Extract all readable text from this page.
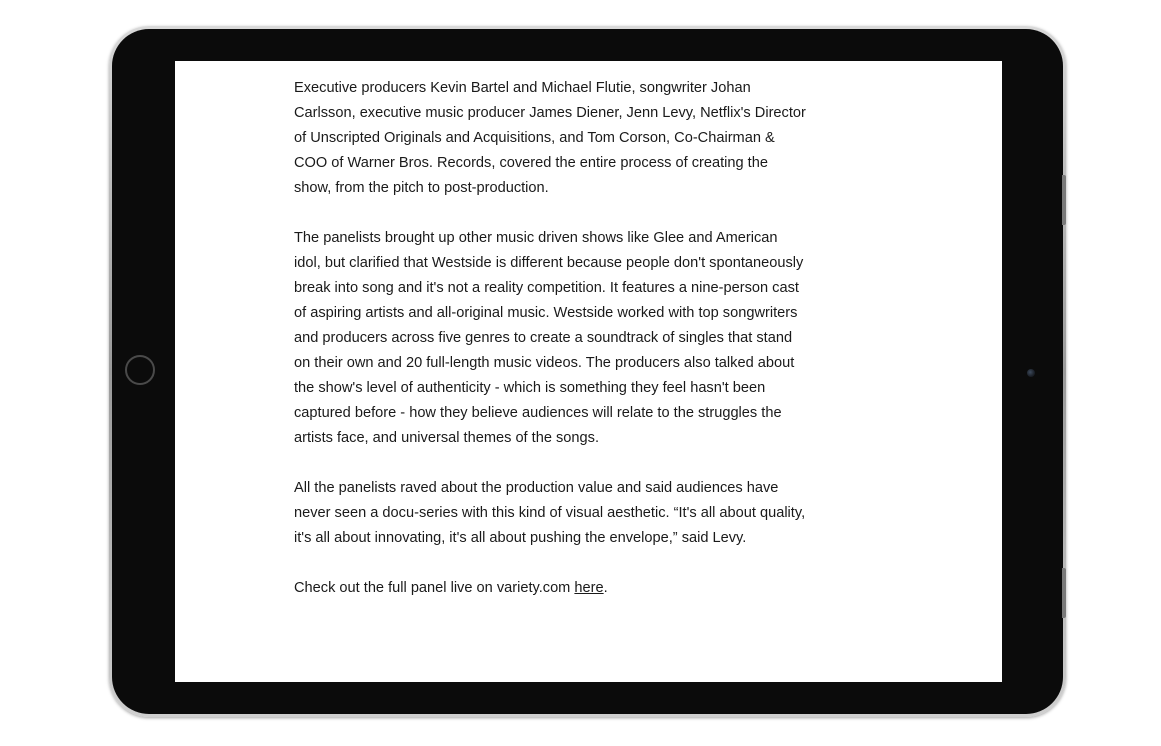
Executive producers Kevin Bartel and Michael Flutie, songwriter Johan
Carlsson, executive music producer James Diener, Jenn Levy, Netflix's Director
of Unscripted Originals and Acquisitions, and Tom Corson, Co-Chairman &
COO of Warner Bros. Records, covered the entire process of creating the
show, from the pitch to post-production.

The panelists brought up other music driven shows like Glee and American
idol, but clarified that Westside is different because people don't spontaneously
break into song and it's not a reality competition. It features a nine-person cast
of aspiring artists and all-original music. Westside worked with top songwriters
and producers across five genres to create a soundtrack of singles that stand
on their own and 20 full-length music videos. The producers also talked about
the show's level of authenticity - which is something they feel hasn't been
captured before - how they believe audiences will relate to the struggles the
artists face, and universal themes of the songs.

All the panelists raved about the production value and said audiences have
never seen a docu-series with this kind of visual aesthetic. “It's all about quality,
it's all about innovating, it's all about pushing the envelope,” said Levy.

Check out the full panel live on variety.com here.
